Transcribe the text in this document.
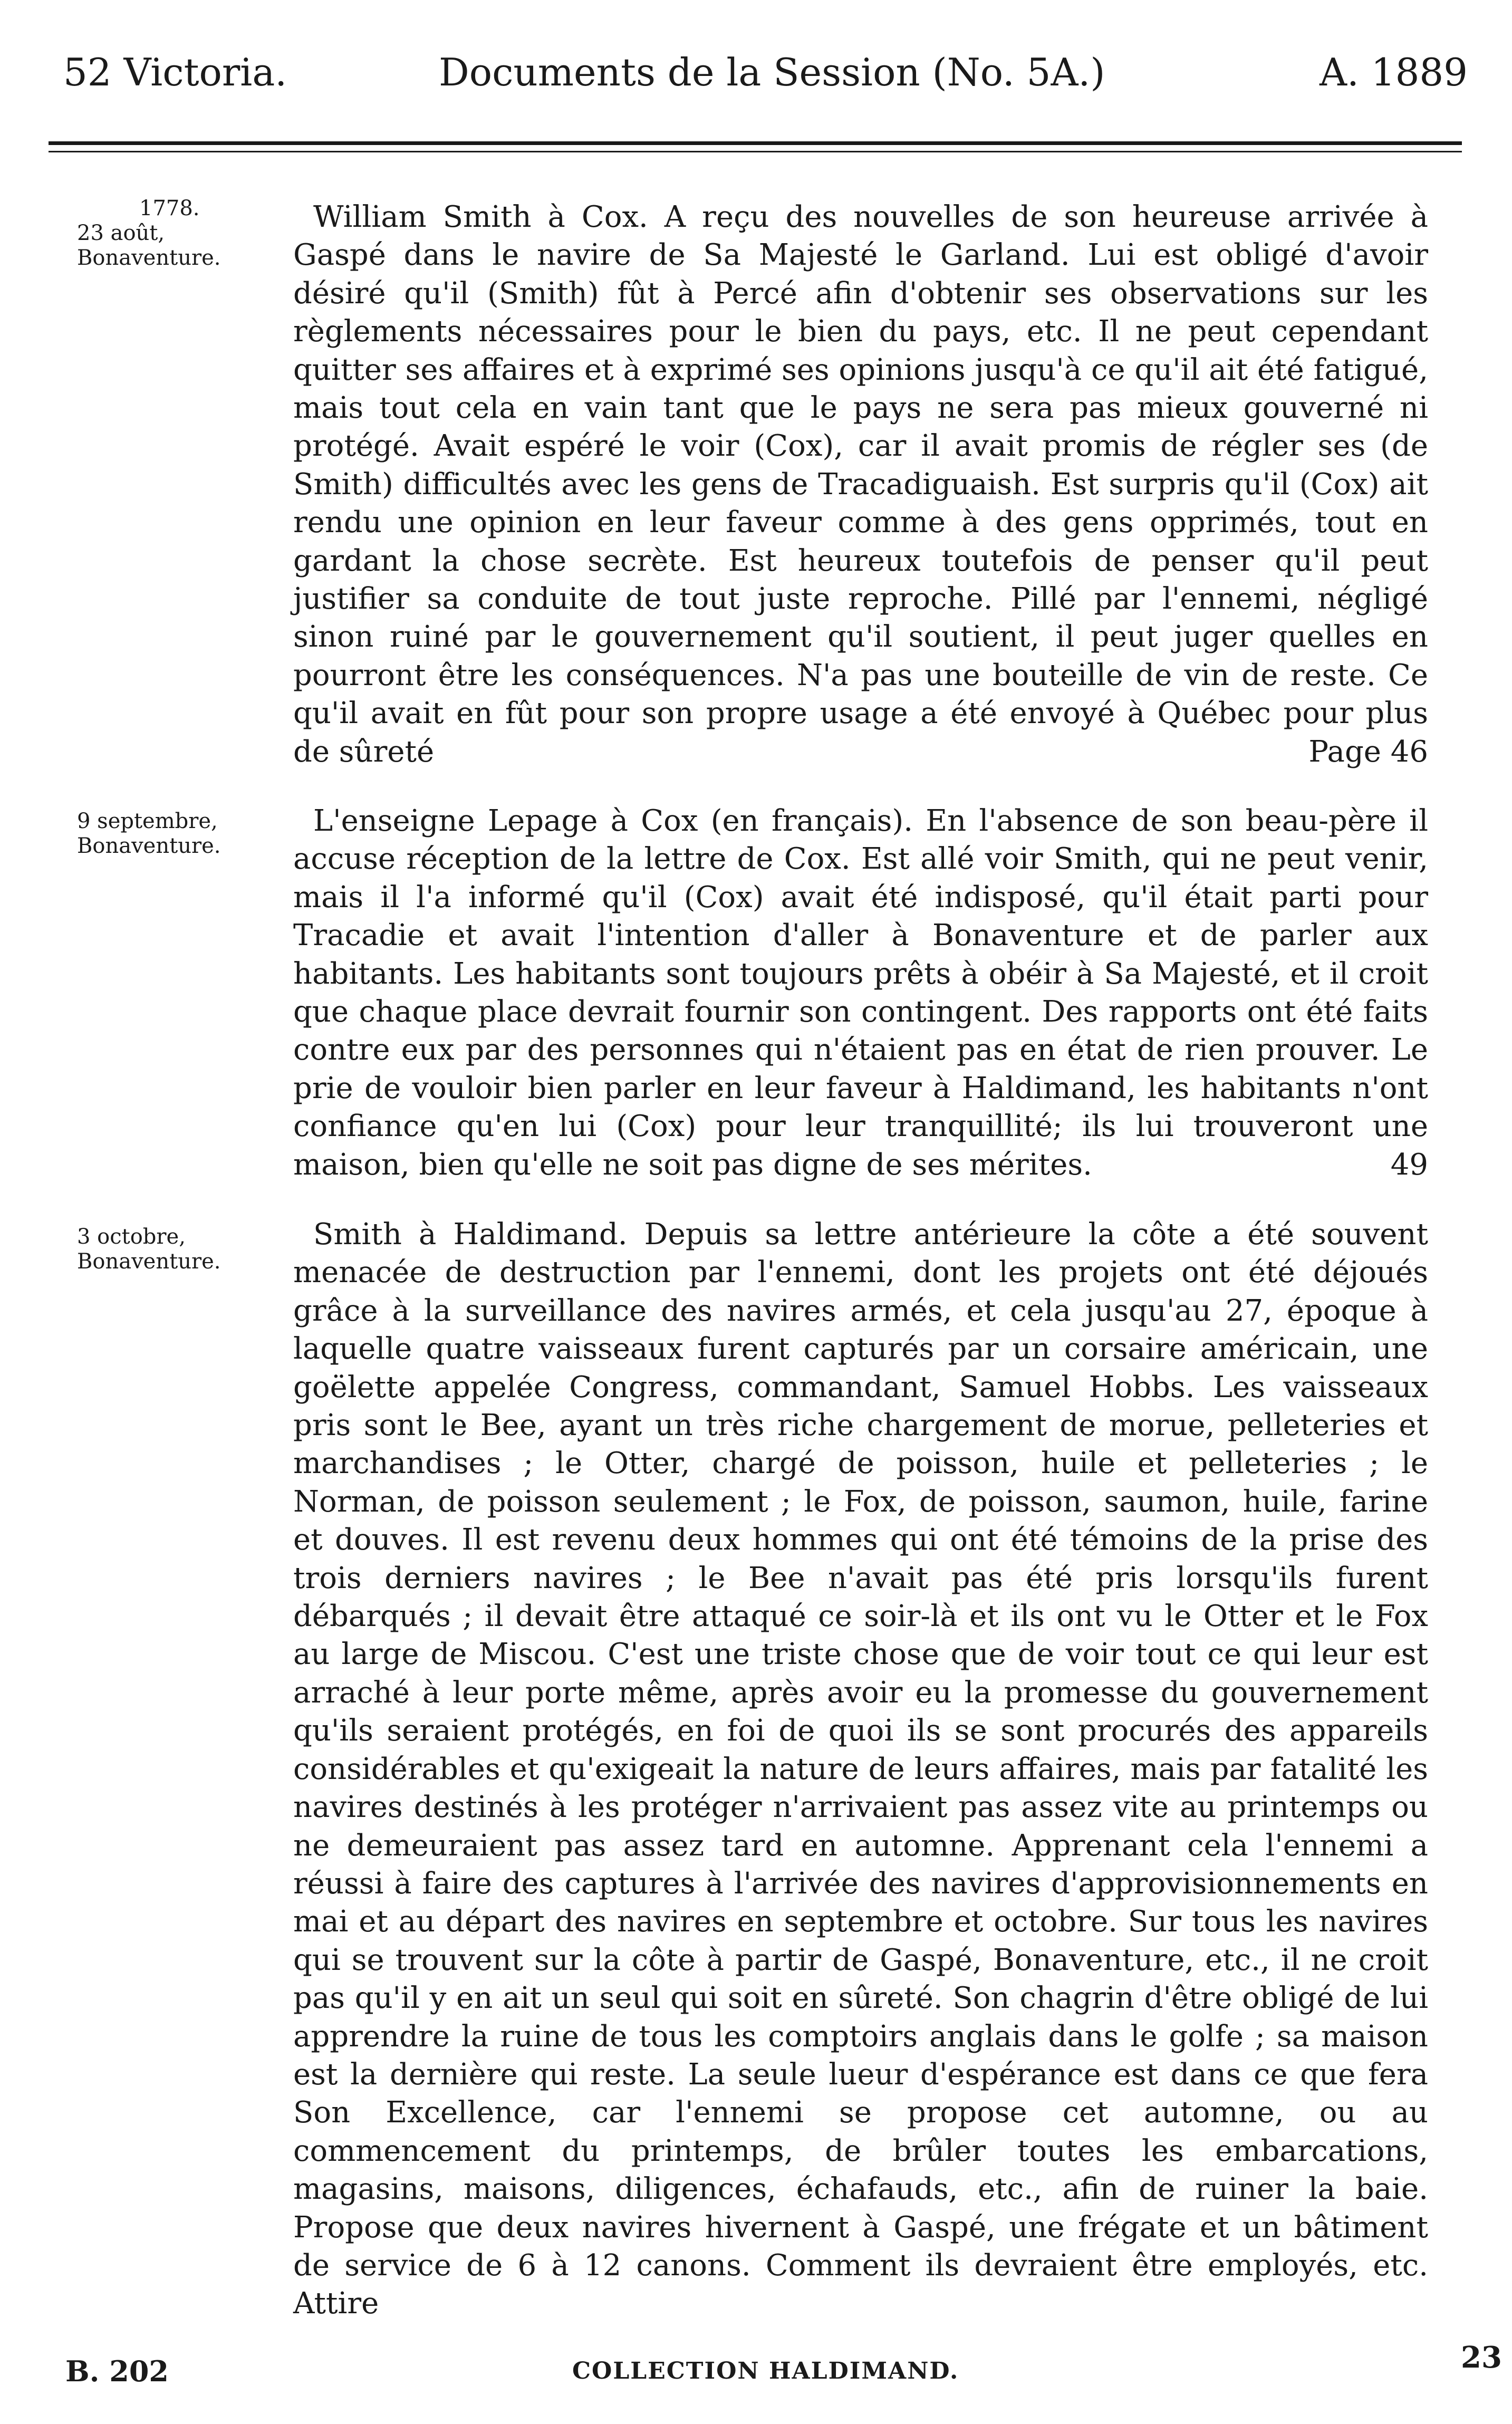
52 Victoria.	Documents de la Session (No. 5A.)	A. 1889
1778.
23 août,
Bonaventure.

William Smith à Cox. A reçu des nouvelles de son heureuse arrivée à Gaspé dans le navire de Sa Majesté le Garland. Lui est obligé d'avoir désiré qu'il (Smith) fût à Percé afin d'obtenir ses observations sur les règlements nécessaires pour le bien du pays, etc. Il ne peut cependant quitter ses affaires et à exprimé ses opinions jusqu'à ce qu'il ait été fatigué, mais tout cela en vain tant que le pays ne sera pas mieux gouverné ni protégé. Avait espéré le voir (Cox), car il avait promis de régler ses (de Smith) difficultés avec les gens de Tracadiguaish. Est surpris qu'il (Cox) ait rendu une opinion en leur faveur comme à des gens opprimés, tout en gardant la chose secrète. Est heureux toutefois de penser qu'il peut justifier sa conduite de tout juste reproche. Pillé par l'ennemi, négligé sinon ruiné par le gouvernement qu'il soutient, il peut juger quelles en pourront être les conséquences. N'a pas une bouteille de vin de reste. Ce qu'il avait en fût pour son propre usage a été envoyé à Québec pour plus de sûreté	Page 46

9 septembre,
Bonaventure.

L'enseigne Lepage à Cox (en français). En l'absence de son beau-père il accuse réception de la lettre de Cox. Est allé voir Smith, qui ne peut venir, mais il l'a informé qu'il (Cox) avait été indisposé, qu'il était parti pour Tracadie et avait l'intention d'aller à Bonaventure et de parler aux habitants. Les habitants sont toujours prêts à obéir à Sa Majesté, et il croit que chaque place devrait fournir son contingent. Des rapports ont été faits contre eux par des personnes qui n'étaient pas en état de rien prouver. Le prie de vouloir bien parler en leur faveur à Haldimand, les habitants n'ont confiance qu'en lui (Cox) pour leur tranquillité; ils lui trouveront une maison, bien qu'elle ne soit pas digne de ses mérites.	49

3 octobre,
Bonaventure.

Smith à Haldimand. Depuis sa lettre antérieure la côte a été souvent menacée de destruction par l'ennemi, dont les projets ont été déjoués grâce à la surveillance des navires armés, et cela jusqu'au 27, époque à laquelle quatre vaisseaux furent capturés par un corsaire américain, une goëlette appelée Congress, commandant, Samuel Hobbs. Les vaisseaux pris sont le Bee, ayant un très riche chargement de morue, pelleteries et marchandises ; le Otter, chargé de poisson, huile et pelleteries ; le Norman, de poisson seulement ; le Fox, de poisson, saumon, huile, farine et douves. Il est revenu deux hommes qui ont été témoins de la prise des trois derniers navires ; le Bee n'avait pas été pris lorsqu'ils furent débarqués ; il devait être attaqué ce soir-là et ils ont vu le Otter et le Fox au large de Miscou. C'est une triste chose que de voir tout ce qui leur est arraché à leur porte même, après avoir eu la promesse du gouvernement qu'ils seraient protégés, en foi de quoi ils se sont procurés des appareils considérables et qu'exigeait la nature de leurs affaires, mais par fatalité les navires destinés à les protéger n'arrivaient pas assez vite au printemps ou ne demeuraient pas assez tard en automne. Apprenant cela l'ennemi a réussi à faire des captures à l'arrivée des navires d'approvisionnements en mai et au départ des navires en septembre et octobre. Sur tous les navires qui se trouvent sur la côte à partir de Gaspé, Bonaventure, etc., il ne croit pas qu'il y en ait un seul qui soit en sûreté. Son chagrin d'être obligé de lui apprendre la ruine de tous les comptoirs anglais dans le golfe ; sa maison est la dernière qui reste. La seule lueur d'espérance est dans ce que fera Son Excellence, car l'ennemi se propose cet automne, ou au commencement du printemps, de brûler toutes les embarcations, magasins, maisons, diligences, échafauds, etc., afin de ruiner la baie. Propose que deux navires hivernent à Gaspé, une frégate et un bâtiment de service de 6 à 12 canons. Comment ils devraient être employés, etc. Attire

B. 202	COLLECTION HALDIMAND.	23
